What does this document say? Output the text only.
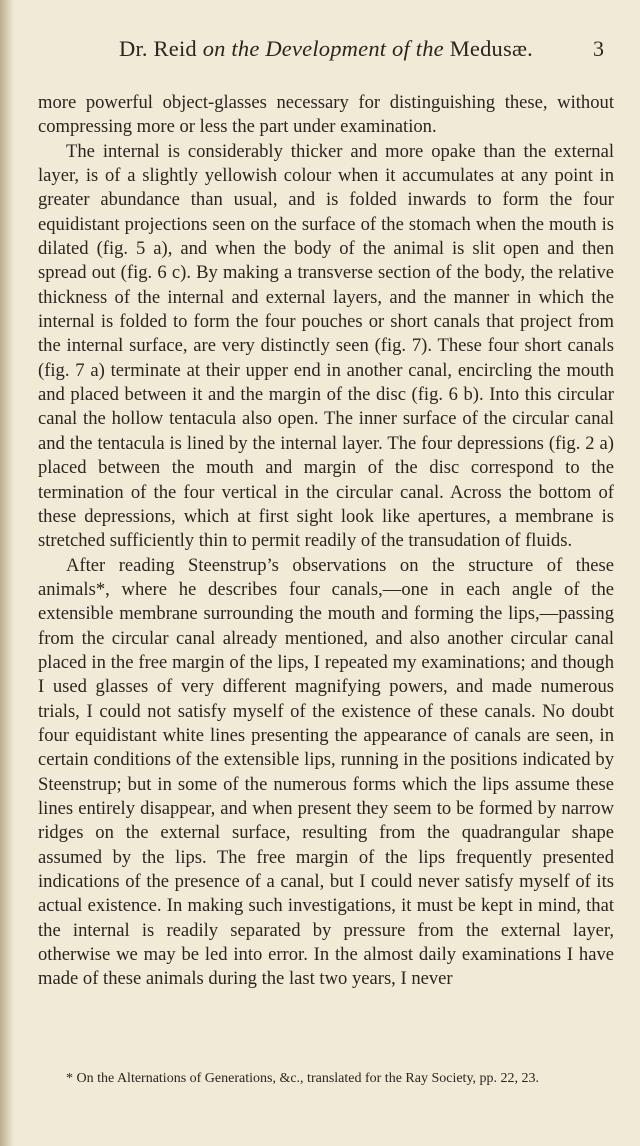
Dr. Reid on the Development of the Medusæ.	3

more powerful object-glasses necessary for distinguishing these, without compressing more or less the part under examination.

The internal is considerably thicker and more opake than the external layer, is of a slightly yellowish colour when it accumulates at any point in greater abundance than usual, and is folded inwards to form the four equidistant projections seen on the surface of the stomach when the mouth is dilated (fig. 5 a), and when the body of the animal is slit open and then spread out (fig. 6 c). By making a transverse section of the body, the relative thickness of the internal and external layers, and the manner in which the internal is folded to form the four pouches or short canals that project from the internal surface, are very distinctly seen (fig. 7). These four short canals (fig. 7 a) terminate at their upper end in another canal, encircling the mouth and placed between it and the margin of the disc (fig. 6 b). Into this circular canal the hollow tentacula also open. The inner surface of the circular canal and the tentacula is lined by the internal layer. The four depressions (fig. 2 a) placed between the mouth and margin of the disc correspond to the termination of the four vertical in the circular canal. Across the bottom of these depressions, which at first sight look like apertures, a membrane is stretched sufficiently thin to permit readily of the transudation of fluids.

After reading Steenstrup’s observations on the structure of these animals*, where he describes four canals,—one in each angle of the extensible membrane surrounding the mouth and forming the lips,—passing from the circular canal already mentioned, and also another circular canal placed in the free margin of the lips, I repeated my examinations; and though I used glasses of very different magnifying powers, and made numerous trials, I could not satisfy myself of the existence of these canals. No doubt four equidistant white lines presenting the appearance of canals are seen, in certain conditions of the extensible lips, running in the positions indicated by Steenstrup; but in some of the numerous forms which the lips assume these lines entirely disappear, and when present they seem to be formed by narrow ridges on the external surface, resulting from the quadrangular shape assumed by the lips. The free margin of the lips frequently presented indications of the presence of a canal, but I could never satisfy myself of its actual existence. In making such investigations, it must be kept in mind, that the internal is readily separated by pressure from the external layer, otherwise we may be led into error. In the almost daily examinations I have made of these animals during the last two years, I never

* On the Alternations of Generations, &c., translated for the Ray Society, pp. 22, 23.
